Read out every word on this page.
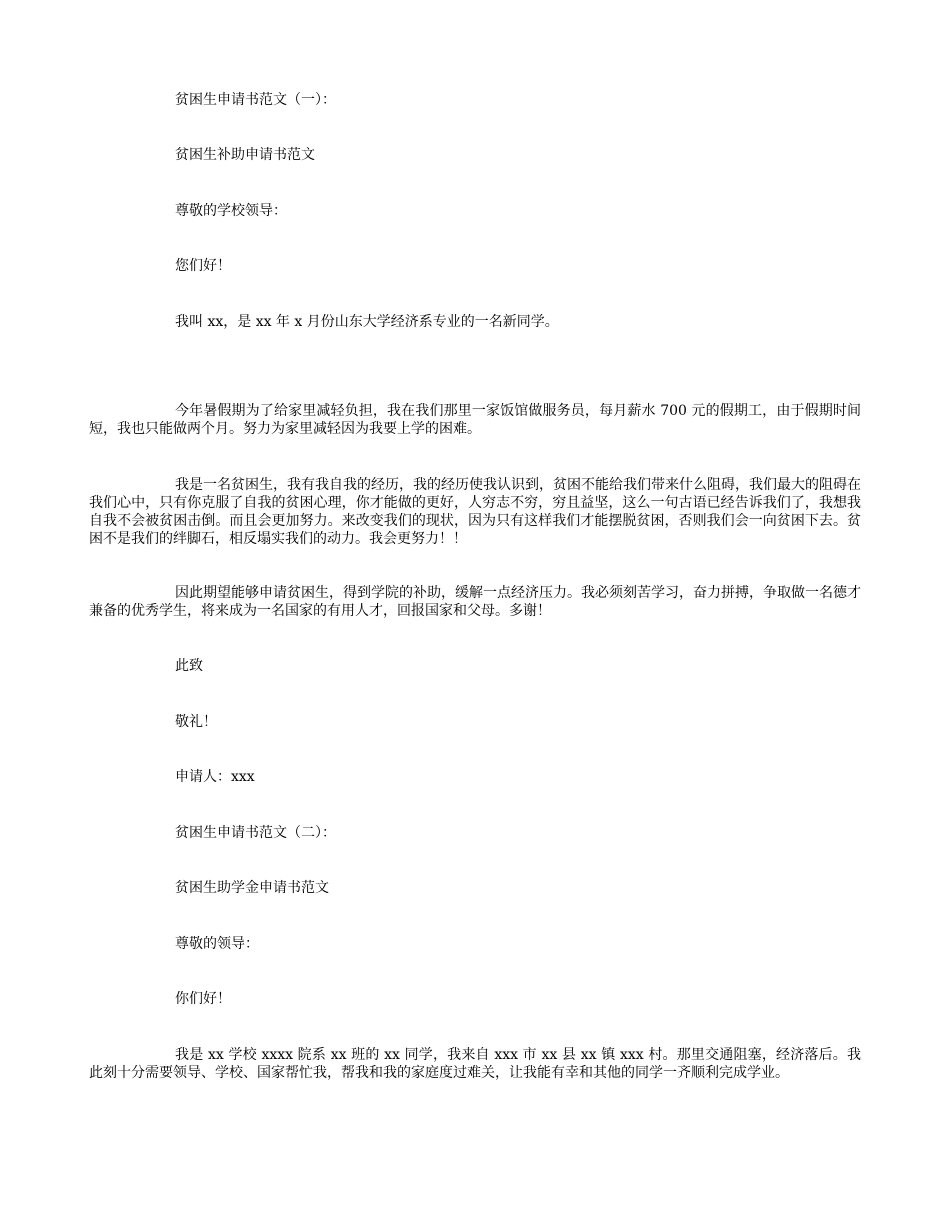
贫困生申请书范文（一）：
贫困生补助申请书范文
尊敬的学校领导：
您们好！
我叫 xx，是 xx 年 x 月份山东大学经济系专业的一名新同学。
今年暑假期为了给家里减轻负担，我在我们那里一家饭馆做服务员，每月薪水 700 元的假期工，由于假期时间短，我也只能做两个月。努力为家里减轻因为我要上学的困难。
我是一名贫困生，我有我自我的经历，我的经历使我认识到，贫困不能给我们带来什么阻碍，我们最大的阻碍在我们心中，只有你克服了自我的贫困心理，你才能做的更好，人穷志不穷，穷且益坚，这么一句古语已经告诉我们了，我想我自我不会被贫困击倒。而且会更加努力。来改变我们的现状，因为只有这样我们才能摆脱贫困，否则我们会一向贫困下去。贫困不是我们的绊脚石，相反塌实我们的动力。我会更努力！！
因此期望能够申请贫困生，得到学院的补助，缓解一点经济压力。我必须刻苦学习，奋力拼搏，争取做一名德才兼备的优秀学生，将来成为一名国家的有用人才，回报国家和父母。多谢！
此致
敬礼！
申请人：xxx
贫困生申请书范文（二）：
贫困生助学金申请书范文
尊敬的领导：
你们好！
我是 xx 学校 xxxx 院系 xx 班的 xx 同学，我来自 xxx 市 xx 县 xx 镇 xxx 村。那里交通阻塞，经济落后。我此刻十分需要领导、学校、国家帮忙我，帮我和我的家庭度过难关，让我能有幸和其他的同学一齐顺利完成学业。
